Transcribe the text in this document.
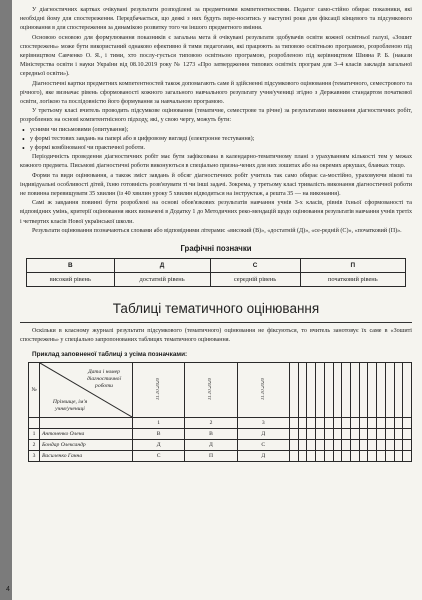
У діагностичних картках очікувані результати розподілені за предметними компетентностями. Педагог само-стійно обирає показники, які необхідні йому для спостереження. Передбачається, що деякі з них будуть пере-носитись у наступні роки для фіксації кінцевого та підсумкового оцінювання в для спостереження за динамікою розвитку того чи іншого предметного вміння.

Основою основою для формулювання показників є загальна мета й очікувані результати здобувачів освіти кожної освітньої галузі, «Зошит спостережень» може бути використаний однаково ефективно й тими педагогами, які працюють за типовою освітньою програмою, розробленою під керівництвом Савченко О. Я., і тими, хто послу-гується типовою освітньою програмою, розробленою під керівництвом Шияна Р. Б. (накази Міністерства освіти і науки України від 08.10.2019 року № 1273 «Про затвердження типових освітніх програм для 3–4 класів закладів загальної середньої освіти»).

Діагностичні картки предметних компетентностей також допомагають саме й здійсненні підсумкового оцінювання (тематичного, семестрового та річного), яке визначає рівень сформованості кожного загального навчального результату учня/учениці згідно з Державним стандартом початкової освіти, логікою та послідовністю його формування за навчальною програмою.

У третьому класі вчитель проводить підсумкове оцінювання (тематичне, семестрове та річне) за результатами виконання діагностичних робіт, розроблених на основі компетентнісного підходу, які, у свою чергу, можуть бути:

• усними чи письмовими (опитування);
• у формі тестових завдань на папері або в цифровому вигляді (електронне тестування);
• у формі комбінованої чи практичної роботи.

Періодичність проведення діагностичних робіт має бути зафіксована в календарно-тематичному плані з урахуванням кількості тем у межах кожного предмета. Письмові діагностичні роботи виконуються в спеціально призна-чених для них зошитах або на окремих аркушах, бланках тощо.

Форми та види оцінювання, а також зміст завдань й обсяг діагностичних робіт учитель так само обирає са-мостійно, ураховуючи вікові та індивідуальні особливості дітей, їхню готовність розв'язувати ті чи інші задачі. Зокрема, у третьому класі тривалість виконання діагностичної роботи не повинна перевищувати 35 хвилин (із 40 хвилин уроку 5 хвилин відводиться на інструктаж, а решта 35 — на виконання).

Самі ж завдання повинні бути розроблені на основі обов'язкових результатів навчання учнів 3-х класів, рівнів їхньої сформованості та відповідних умінь, критерії оцінювання яких визначені в Додатку 1 до Методичних реко-мендацій щодо оцінювання результатів навчання учнів третіх і четвертих класів Нової української школи.

Результати оцінювання позначаються словами або відповідними літерами: «високий (В)», «достатній (Д)», «се-редній (С)», «початковий (П)».

Графічні позначки
В	Д	С	П
високий рівень	достатній рівень	середній рівень	початковий рівень
Таблиці тематичного оцінювання

Оскільки в класному журналі результати підсумкового (тематичного) оцінювання не фіксуються, то вчитель занотовує їх саме в «Зошиті спостережень» у спеціально запропонованих таблицях тематичного оцінювання.

Приклад заповненої таблиці з усіма позначками:
№	Дата і номер діагностичної роботи
Прізвище, ім'я учня/учениці	11.10.2020	11.10.2020	11.10.2020														
		1	2	3														
1	Антоненко Олена	В	В	Д														
2	Бондар Олександр	Д	Д	С														
3	Василенко Ганна	С	П	Д														
4
